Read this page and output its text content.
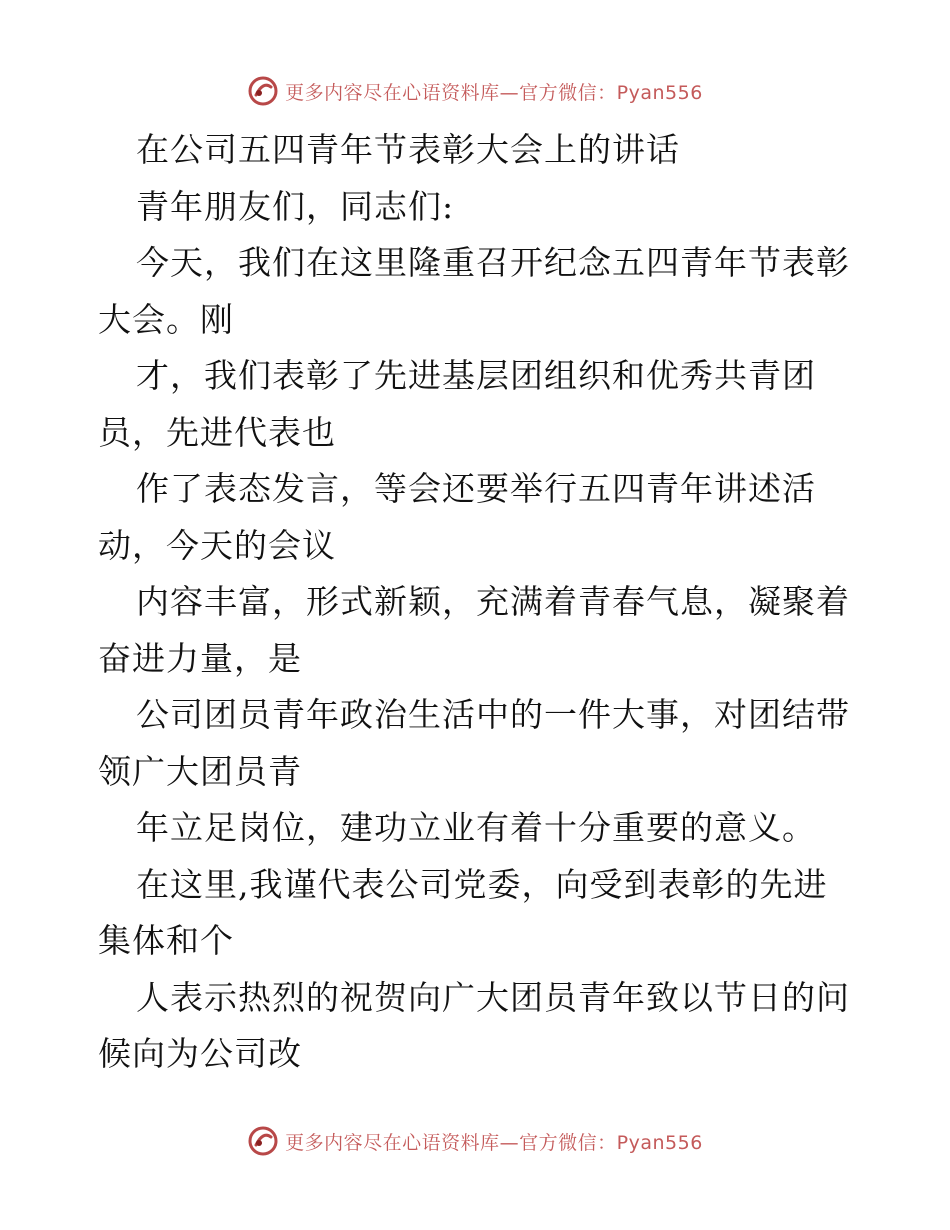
更多内容尽在心语资料库—官方微信：Pyan556
在公司五四青年节表彰大会上的讲话
青年朋友们，同志们:
今天，我们在这里隆重召开纪念五四青年节表彰
大会。刚
才，我们表彰了先进基层团组织和优秀共青团
员，先进代表也
作了表态发言，等会还要举行五四青年讲述活
动，今天的会议
内容丰富，形式新颖，充满着青春气息，凝聚着
奋进力量，是
公司团员青年政治生活中的一件大事，对团结带
领广大团员青
年立足岗位，建功立业有着十分重要的意义。
在这里,我谨代表公司党委，向受到表彰的先进
集体和个
人表示热烈的祝贺向广大团员青年致以节日的问
候向为公司改
更多内容尽在心语资料库—官方微信：Pyan556
